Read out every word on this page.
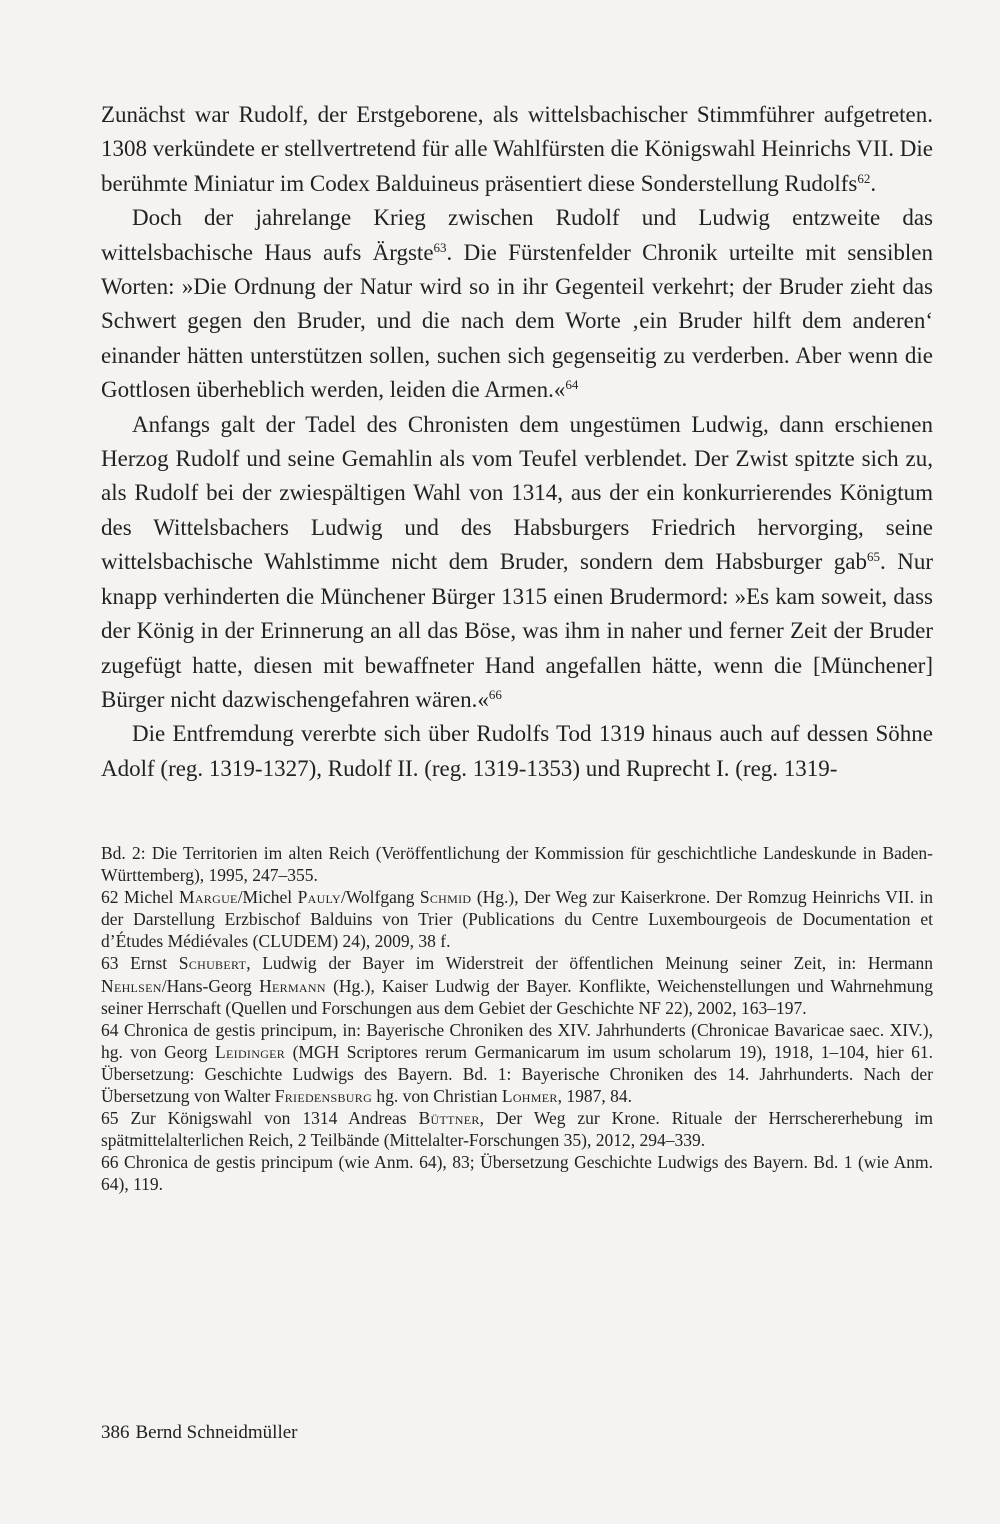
Zunächst war Rudolf, der Erstgeborene, als wittelsbachischer Stimmführer aufgetreten. 1308 verkündete er stellvertretend für alle Wahlfürsten die Königswahl Heinrichs VII. Die berühmte Miniatur im Codex Balduineus präsentiert diese Sonderstellung Rudolfs$^{62}$.

Doch der jahrelange Krieg zwischen Rudolf und Ludwig entzweite das wittelsbachische Haus aufs Ärgste$^{63}$. Die Fürstenfelder Chronik urteilte mit sensiblen Worten: »Die Ordnung der Natur wird so in ihr Gegenteil verkehrt; der Bruder zieht das Schwert gegen den Bruder, und die nach dem Worte ‚ein Bruder hilft dem anderen‘ einander hätten unterstützen sollen, suchen sich gegenseitig zu verderben. Aber wenn die Gottlosen überheblich werden, leiden die Armen.«$^{64}$

Anfangs galt der Tadel des Chronisten dem ungestümen Ludwig, dann erschienen Herzog Rudolf und seine Gemahlin als vom Teufel verblendet. Der Zwist spitzte sich zu, als Rudolf bei der zwiespältigen Wahl von 1314, aus der ein konkurrierendes Königtum des Wittelsbachers Ludwig und des Habsburgers Friedrich hervorging, seine wittelsbachische Wahlstimme nicht dem Bruder, sondern dem Habsburger gab$^{65}$. Nur knapp verhinderten die Münchener Bürger 1315 einen Brudermord: »Es kam soweit, dass der König in der Erinnerung an all das Böse, was ihm in naher und ferner Zeit der Bruder zugefügt hatte, diesen mit bewaffneter Hand angefallen hätte, wenn die [Münchener] Bürger nicht dazwischengefahren wären.«$^{66}$

Die Entfremdung vererbte sich über Rudolfs Tod 1319 hinaus auch auf dessen Söhne Adolf (reg. 1319-1327), Rudolf II. (reg. 1319-1353) und Ruprecht I. (reg. 1319-

Bd. 2: Die Territorien im alten Reich (Veröffentlichung der Kommission für geschichtliche Landeskunde in Baden-Württemberg), 1995, 247–355.

62 Michel Margue/Michel Pauly/Wolfgang Schmid (Hg.), Der Weg zur Kaiserkrone. Der Romzug Heinrichs VII. in der Darstellung Erzbischof Balduins von Trier (Publications du Centre Luxembourgeois de Documentation et d’Études Médiévales (CLUDEM) 24), 2009, 38 f.

63 Ernst Schubert, Ludwig der Bayer im Widerstreit der öffentlichen Meinung seiner Zeit, in: Hermann Nehlsen/Hans-Georg Hermann (Hg.), Kaiser Ludwig der Bayer. Konflikte, Weichenstellungen und Wahrnehmung seiner Herrschaft (Quellen und Forschungen aus dem Gebiet der Geschichte NF 22), 2002, 163–197.

64 Chronica de gestis principum, in: Bayerische Chroniken des XIV. Jahrhunderts (Chronicae Bavaricae saec. XIV.), hg. von Georg Leidinger (MGH Scriptores rerum Germanicarum im usum scholarum 19), 1918, 1–104, hier 61. Übersetzung: Geschichte Ludwigs des Bayern. Bd. 1: Bayerische Chroniken des 14. Jahrhunderts. Nach der Übersetzung von Walter Friedensburg hg. von Christian Lohmer, 1987, 84.

65 Zur Königswahl von 1314 Andreas Büttner, Der Weg zur Krone. Rituale der Herrschererhebung im spätmittelalterlichen Reich, 2 Teilbände (Mittelalter-Forschungen 35), 2012, 294–339.

66 Chronica de gestis principum (wie Anm. 64), 83; Übersetzung Geschichte Ludwigs des Bayern. Bd. 1 (wie Anm. 64), 119.

386 Bernd Schneidmüller
